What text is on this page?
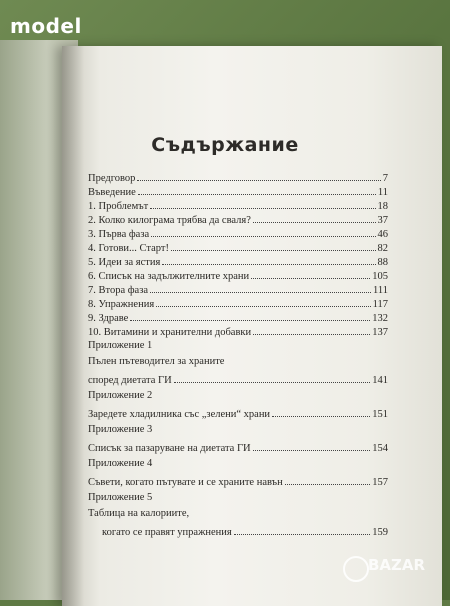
Съдържание
Предговор	7
Въведение	11
1. Проблемът	18
2. Колко килограма трябва да сваля?	37
3. Първа фаза	46
4. Готови... Старт!	82
5. Идеи за ястия	88
6. Списък на задължителните храни	105
7. Втора фаза	111
8. Упражнения	117
9. Здраве	132
10. Витамини и хранителни добавки	137
Приложение 1
Пълен пътеводител за храните
според диетата ГИ	141
Приложение 2
Заредете хладилника със „зелени“ храни	151
Приложение 3
Списък за пазаруване на диетата ГИ	154
Приложение 4
Съвети, когато пътувате и се храните навън	157
Приложение 5
Таблица на калориите,
когато се правят упражнения	159
model
BAZAR
